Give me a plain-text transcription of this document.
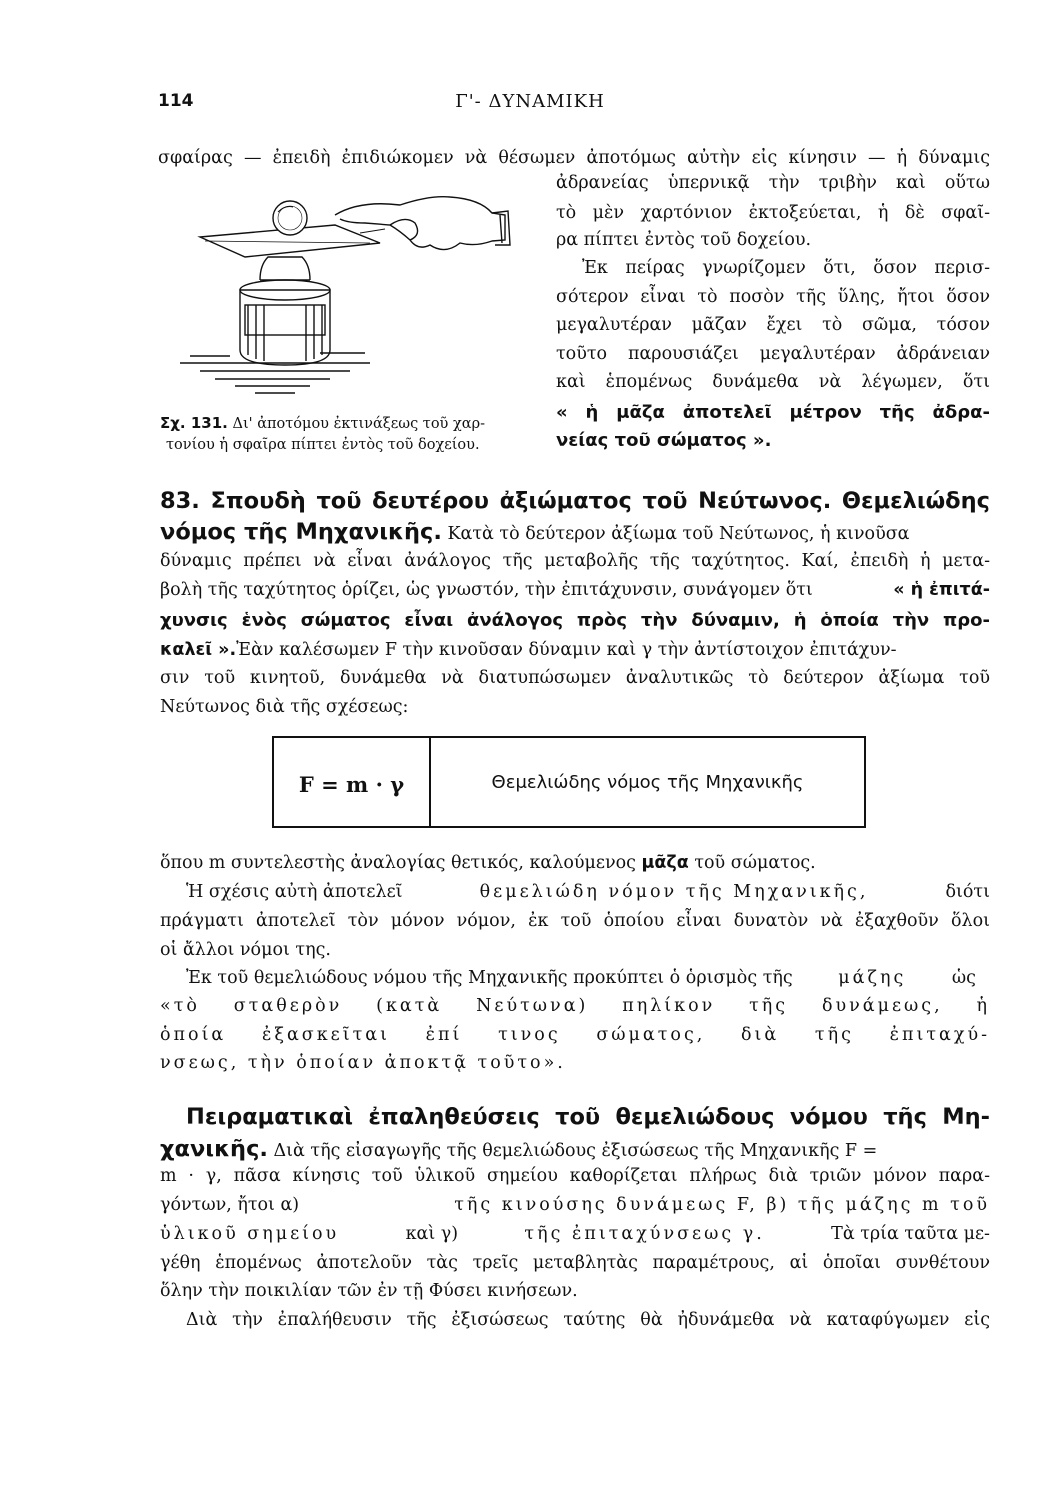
114	Γ'- ΔΥΝΑΜΙΚΗ
σφαίρας — ἐπειδὴ ἐπιδιώκομεν νὰ θέσωμεν ἀποτόμως αὐτὴν εἰς κίνησιν — ἡ δύναμις
ἀδρανείας ὑπερνικᾷ τὴν τριβὴν καὶ οὕτω
τὸ μὲν χαρτόνιον ἐκτοξεύεται, ἡ δὲ σφαῖ-
ρα πίπτει ἐντὸς τοῦ δοχείου.
Ἐκ πείρας γνωρίζομεν ὅτι, ὅσον περισ-
σότερον εἶναι τὸ ποσὸν τῆς ὕλης, ἤτοι ὅσον
μεγαλυτέραν μᾶζαν ἔχει τὸ σῶμα, τόσον
τοῦτο παρουσιάζει μεγαλυτέραν ἀδράνειαν
καὶ ἑπομένως δυνάμεθα νὰ λέγωμεν, ὅτι
« ἡ μᾶζα ἀποτελεῖ μέτρον τῆς ἀδρα-
νείας τοῦ σώματος ».
Σχ. 131. Δι' ἀποτόμου ἐκτινάξεως τοῦ χαρ-
τονίου ἡ σφαῖρα πίπτει ἐντὸς τοῦ δοχείου.
83. Σπουδὴ τοῦ δευτέρου ἀξιώματος τοῦ Νεύτωνος. Θεμελιώδης
νόμος τῆς Μηχανικῆς. Κατὰ τὸ δεύτερον ἀξίωμα τοῦ Νεύτωνος, ἡ κινοῦσα
δύναμις πρέπει νὰ εἶναι ἀνάλογος τῆς μεταβολῆς τῆς ταχύτητος. Καί, ἐπειδὴ ἡ μετα-
βολὴ τῆς ταχύτητος ὁρίζει, ὡς γνωστόν, τὴν ἐπιτάχυνσιν, συνάγομεν ὅτι	« ἡ ἐπιτά-
χυνσις ἑνὸς σώματος εἶναι ἀνάλογος πρὸς τὴν δύναμιν, ἡ ὁποία τὴν προ-
καλεῖ ».Ἐὰν καλέσωμεν F τὴν κινοῦσαν δύναμιν καὶ γ τὴν ἀντίστοιχον ἐπιτάχυν-
σιν τοῦ κινητοῦ, δυνάμεθα νὰ διατυπώσωμεν ἀναλυτικῶς τὸ δεύτερον ἀξίωμα τοῦ
Νεύτωνος διὰ τῆς σχέσεως:
F = m · γ	Θεμελιώδης νόμος τῆς Μηχανικῆς
ὅπου m συντελεστὴς ἀναλογίας θετικός, καλούμενος μᾶζα τοῦ σώματος.
Ἡ σχέσις αὐτὴ ἀποτελεῖ	θεμελιώδη νόμον τῆς Μηχανικῆς,	διότι
πράγματι ἀποτελεῖ τὸν μόνον νόμον, ἐκ τοῦ ὁποίου εἶναι δυνατὸν νὰ ἐξαχθοῦν ὅλοι
οἱ ἄλλοι νόμοι της.
Ἐκ τοῦ θεμελιώδους νόμου τῆς Μηχανικῆς προκύπτει ὁ ὁρισμὸς τῆς	μάζης	ὡς
«τὸ σταθερὸν (κατὰ Νεύτωνα) πηλίκον τῆς δυνάμεως, ἡ
ὁποία ἐξασκεῖται ἐπί τινος σώματος, διὰ τῆς ἐπιταχύ-
νσεως, τὴν ὁποίαν ἀποκτᾷ τοῦτο».
Πειραματικαὶ ἐπαληθεύσεις τοῦ θεμελιώδους νόμου τῆς Μη-
χανικῆς. Διὰ τῆς εἰσαγωγῆς τῆς θεμελιώδους ἐξισώσεως τῆς Μηχανικῆς F =
m · γ, πᾶσα κίνησις τοῦ ὑλικοῦ σημείου καθορίζεται πλήρως διὰ τριῶν μόνον παρα-
γόντων, ἤτοι α)	τῆς κινούσης δυνάμεως F, β) τῆς μάζης m τοῦ
ὑλικοῦ σημείου	καὶ γ)	τῆς ἐπιταχύνσεως γ.	Τὰ τρία ταῦτα με-
γέθη ἑπομένως ἀποτελοῦν τὰς τρεῖς μεταβλητὰς παραμέτρους, αἱ ὁποῖαι συνθέτουν
ὅλην τὴν ποικιλίαν τῶν ἐν τῇ Φύσει κινήσεων.
Διὰ τὴν ἐπαλήθευσιν τῆς ἐξισώσεως ταύτης θὰ ἠδυνάμεθα νὰ καταφύγωμεν εἰς
